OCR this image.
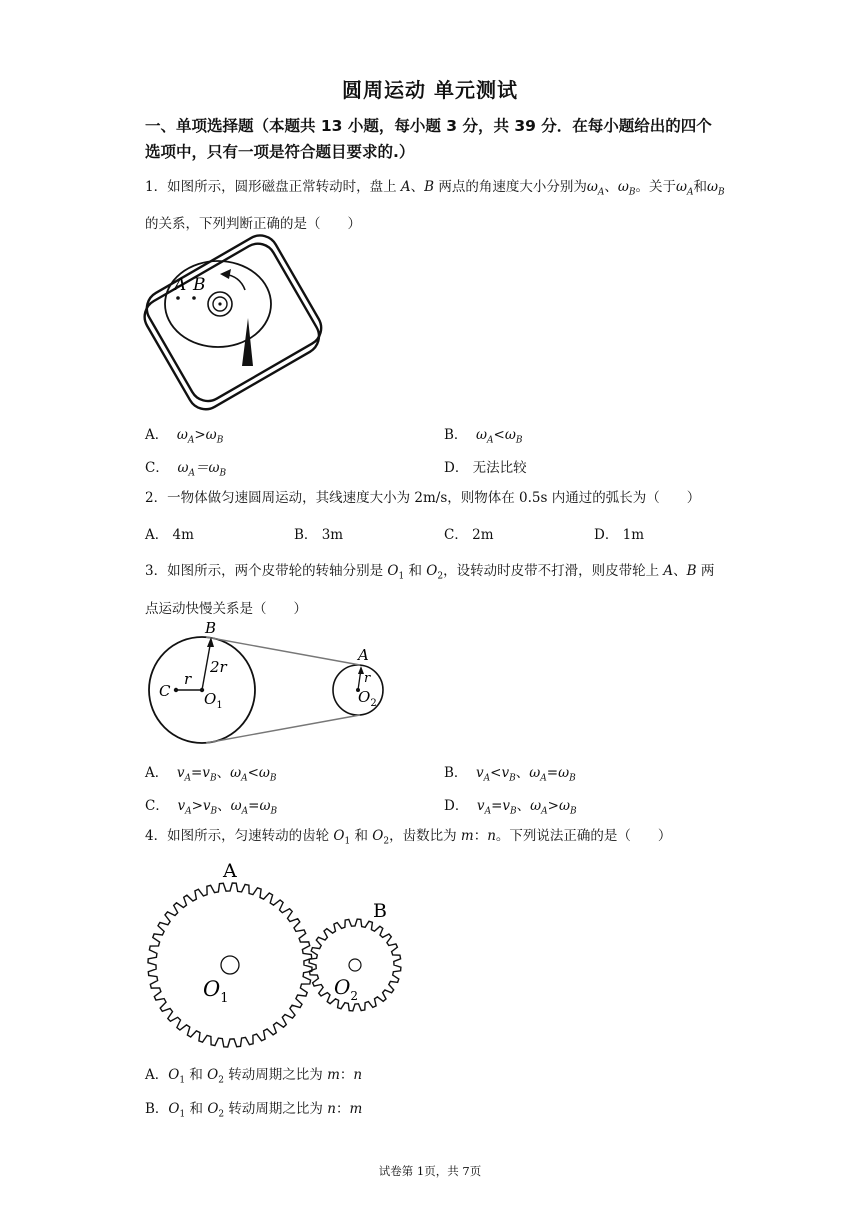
圆周运动 单元测试
一、单项选择题（本题共 13 小题，每小题 3 分，共 39 分．在每小题给出的四个选项中，只有一项是符合题目要求的.）
1．如图所示，圆形磁盘正常转动时，盘上 A、B 两点的角速度大小分别为$\omega_A$、$\omega_B$。关于$\omega_A$和$\omega_B$的关系，下列判断正确的是（　　）
A B
A． $\omega_A>\omega_B$	B． $\omega_A<\omega_B$
C． $\omega_A=\omega_B$	D． 无法比较
2．一物体做匀速圆周运动，其线速度大小为 2m/s，则物体在 0.5s 内通过的弧长为（　　）
A． 4m	B． 3m	C． 2m	D． 1m
3．如图所示，两个皮带轮的转轴分别是 $O_1$ 和 $O_2$，设转动时皮带不打滑，则皮带轮上 A、B 两点运动快慢关系是（　　）
B
2r
r
C $O_1$
A
r
$O_2$
A． $v_A=v_B$、$\omega_A<\omega_B$	B． $v_A<v_B$、$\omega_A=\omega_B$
C． $v_A>v_B$、$\omega_A=\omega_B$	D． $v_A=v_B$、$\omega_A>\omega_B$
4．如图所示，匀速转动的齿轮 $O_1$ 和 $O_2$，齿数比为 m：n。下列说法正确的是（　　）
A
B
$O_1$	$O_2$
A．$O_1$ 和 $O_2$ 转动周期之比为 m：n
B．$O_1$ 和 $O_2$ 转动周期之比为 n：m
试卷第 1页，共 7页
